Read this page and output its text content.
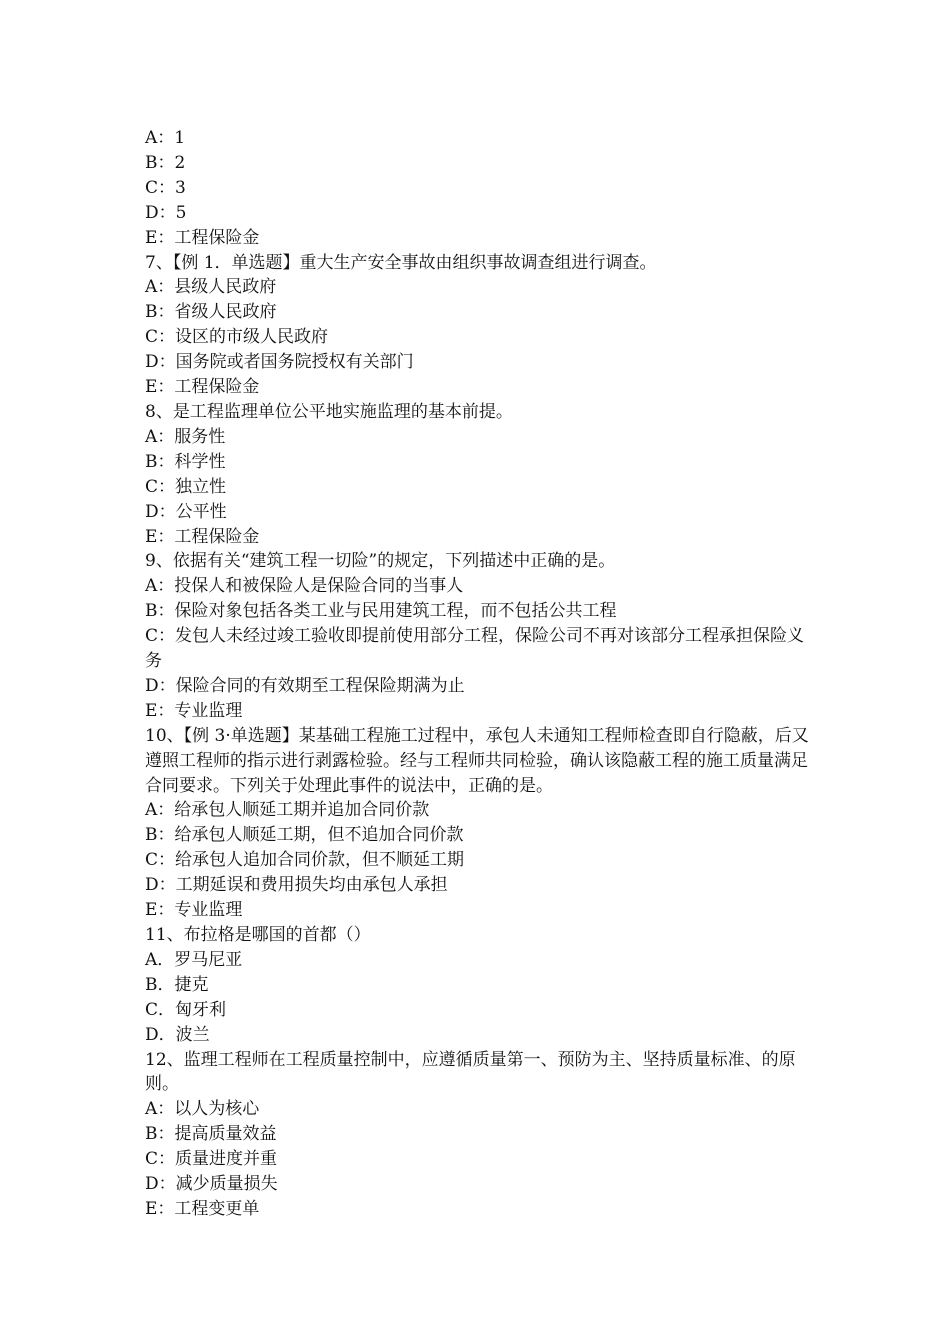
A：1

B：2

C：3

D：5

E：工程保险金

7、【例 1．单选题】重大生产安全事故由组织事故调查组进行调查。

A：县级人民政府

B：省级人民政府

C：设区的市级人民政府

D：国务院或者国务院授权有关部门

E：工程保险金

8、是工程监理单位公平地实施监理的基本前提。

A：服务性

B：科学性

C：独立性

D：公平性

E：工程保险金

9、依据有关“建筑工程一切险”的规定，下列描述中正确的是。

A：投保人和被保险人是保险合同的当事人

B：保险对象包括各类工业与民用建筑工程，而不包括公共工程

C：发包人未经过竣工验收即提前使用部分工程，保险公司不再对该部分工程承担保险义务

D：保险合同的有效期至工程保险期满为止

E：专业监理

10、【例 3·单选题】某基础工程施工过程中，承包人未通知工程师检查即自行隐蔽，后又遵照工程师的指示进行剥露检验。经与工程师共同检验，确认该隐蔽工程的施工质量满足合同要求。下列关于处理此事件的说法中，正确的是。

A：给承包人顺延工期并追加合同价款

B：给承包人顺延工期，但不追加合同价款

C：给承包人追加合同价款，但不顺延工期

D：工期延误和费用损失均由承包人承担

E：专业监理

11、布拉格是哪国的首都（）

A．罗马尼亚

B．捷克

C．匈牙利

D．波兰

12、监理工程师在工程质量控制中，应遵循质量第一、预防为主、坚持质量标准、的原则。

A：以人为核心

B：提高质量效益

C：质量进度并重

D：减少质量损失

E：工程变更单
